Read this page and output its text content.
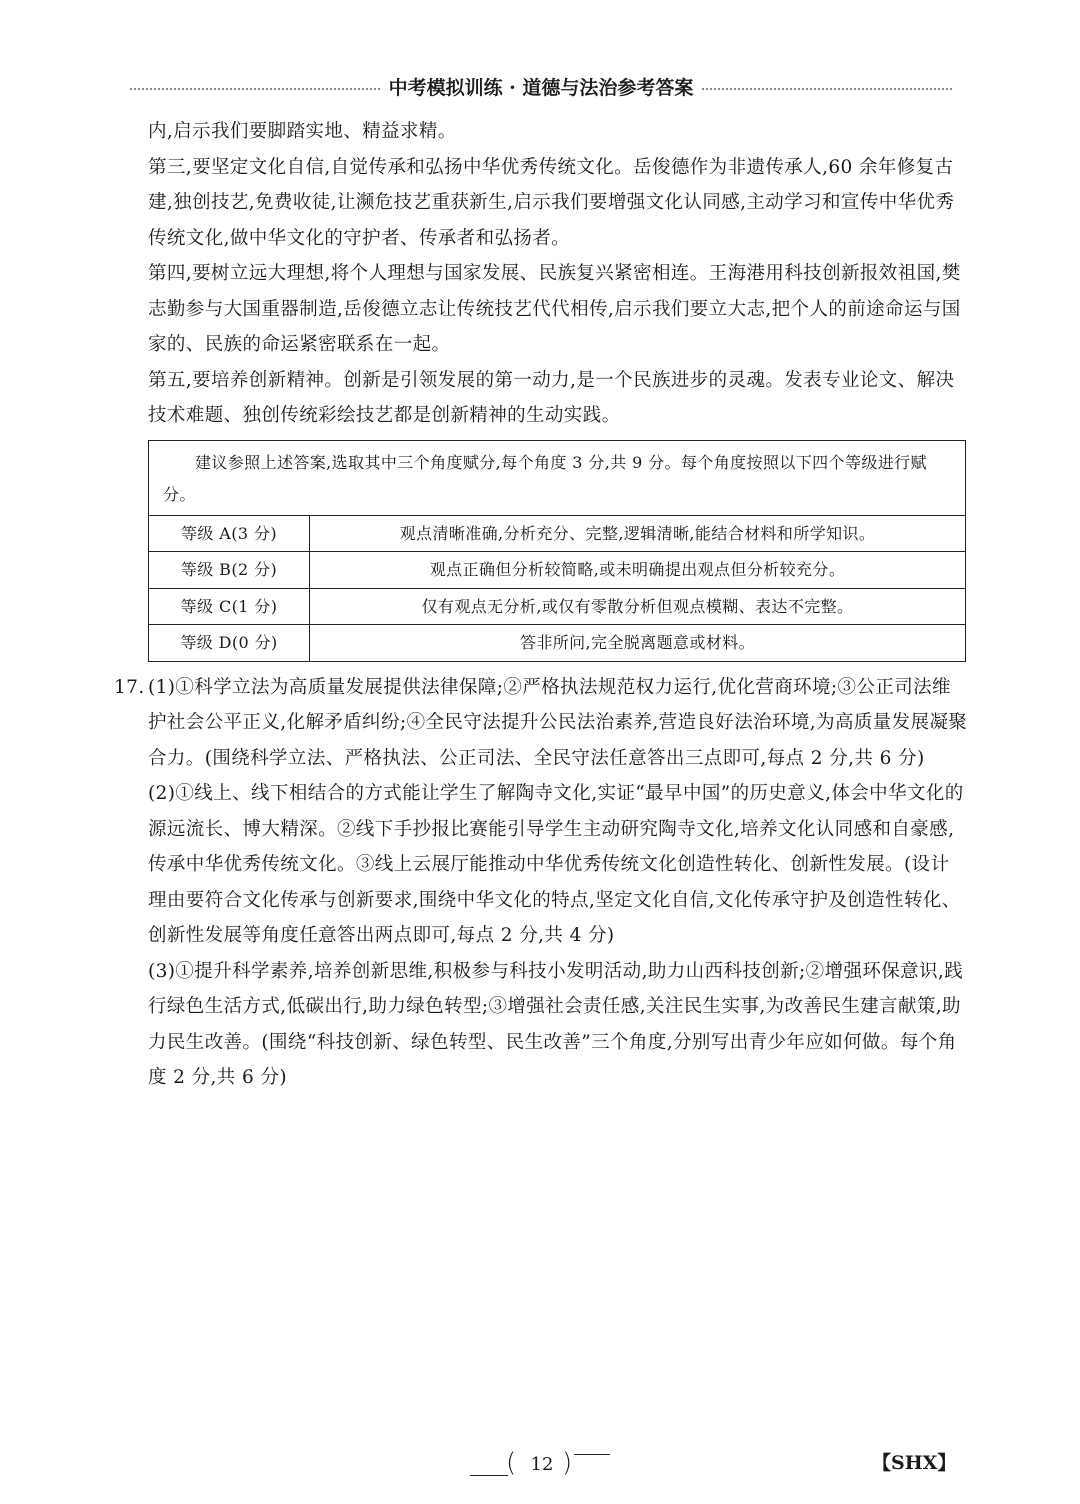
中考模拟训练 · 道德与法治参考答案

内,启示我们要脚踏实地、精益求精。

第三,要坚定文化自信,自觉传承和弘扬中华优秀传统文化。岳俊德作为非遗传承人,60 余年修复古建,独创技艺,免费收徒,让濒危技艺重获新生,启示我们要增强文化认同感,主动学习和宣传中华优秀传统文化,做中华文化的守护者、传承者和弘扬者。

第四,要树立远大理想,将个人理想与国家发展、民族复兴紧密相连。王海港用科技创新报效祖国,樊志勤参与大国重器制造,岳俊德立志让传统技艺代代相传,启示我们要立大志,把个人的前途命运与国家的、民族的命运紧密联系在一起。

第五,要培养创新精神。创新是引领发展的第一动力,是一个民族进步的灵魂。发表专业论文、解决技术难题、独创传统彩绘技艺都是创新精神的生动实践。

建议参照上述答案,选取其中三个角度赋分,每个角度 3 分,共 9 分。每个角度按照以下四个等级进行赋分。
等级 A(3 分)	观点清晰准确,分析充分、完整,逻辑清晰,能结合材料和所学知识。
等级 B(2 分)	观点正确但分析较简略,或未明确提出观点但分析较充分。
等级 C(1 分)	仅有观点无分析,或仅有零散分析但观点模糊、表达不完整。
等级 D(0 分)	答非所问,完全脱离题意或材料。
17. (1)①科学立法为高质量发展提供法律保障;②严格执法规范权力运行,优化营商环境;③公正司法维护社会公平正义,化解矛盾纠纷;④全民守法提升公民法治素养,营造良好法治环境,为高质量发展凝聚合力。(围绕科学立法、严格执法、公正司法、全民守法任意答出三点即可,每点 2 分,共 6 分)

(2)①线上、线下相结合的方式能让学生了解陶寺文化,实证“最早中国”的历史意义,体会中华文化的源远流长、博大精深。②线下手抄报比赛能引导学生主动研究陶寺文化,培养文化认同感和自豪感,传承中华优秀传统文化。③线上云展厅能推动中华优秀传统文化创造性转化、创新性发展。(设计理由要符合文化传承与创新要求,围绕中华文化的特点,坚定文化自信,文化传承守护及创造性转化、创新性发展等角度任意答出两点即可,每点 2 分,共 4 分)

(3)①提升科学素养,培养创新思维,积极参与科技小发明活动,助力山西科技创新;②增强环保意识,践行绿色生活方式,低碳出行,助力绿色转型;③增强社会责任感,关注民生实事,为改善民生建言献策,助力民生改善。(围绕“科技创新、绿色转型、民生改善”三个角度,分别写出青少年应如何做。每个角度 2 分,共 6 分)

( 12 )	【SHX】
